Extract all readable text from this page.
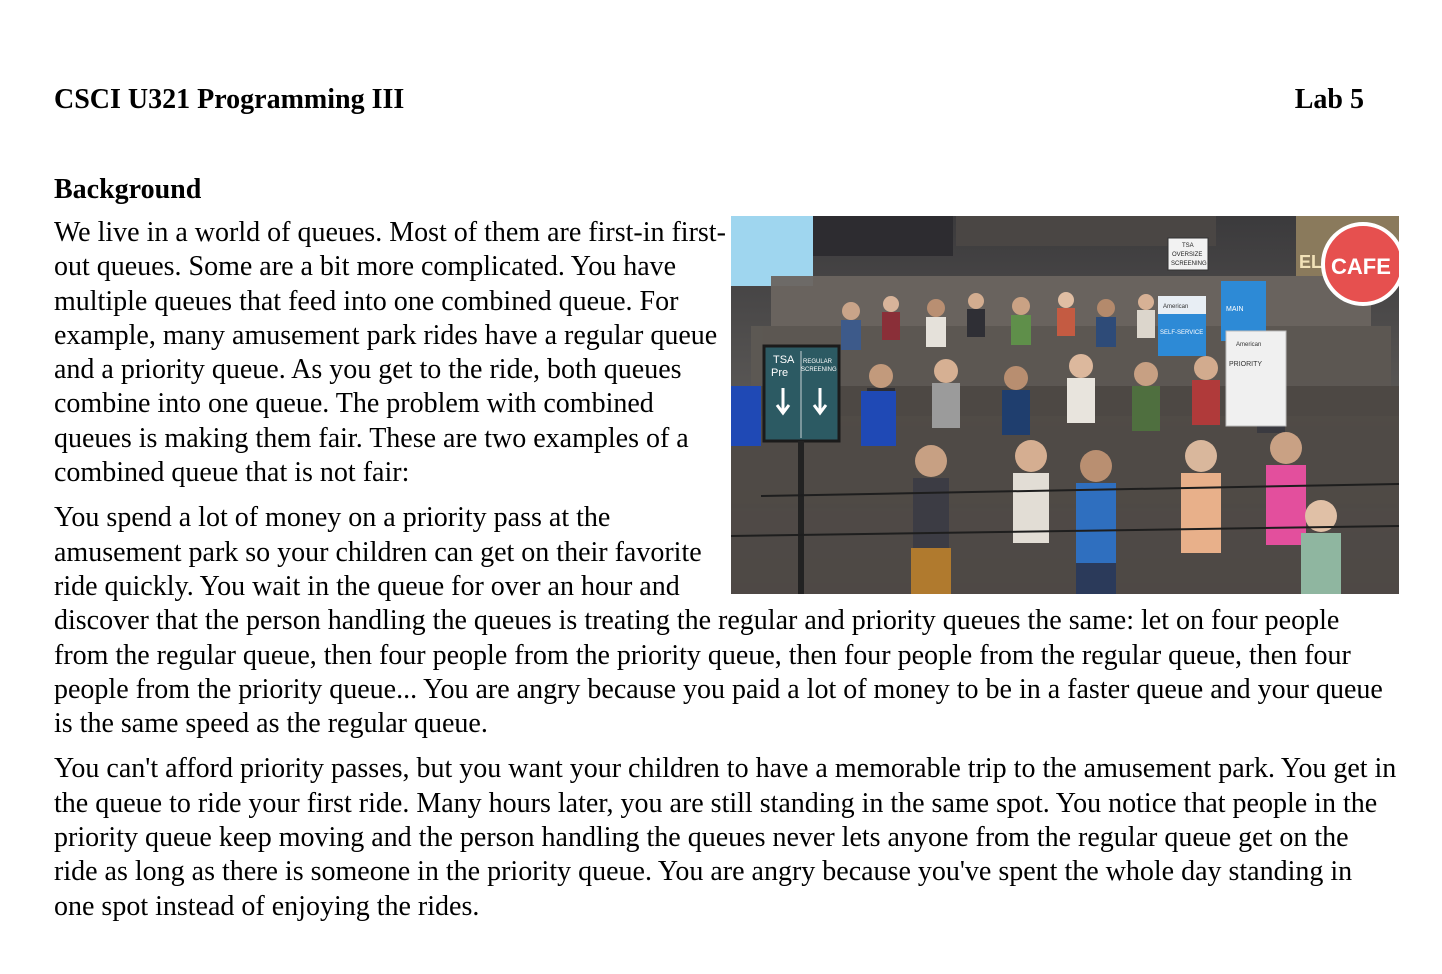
CSCI U321 Programming III	Lab 5
Background
TSA
Pre
REGULAR
SCREENING
TSA
OVERSIZE
SCREENING
American
SELF-SERVICE
MAIN
American
PRIORITY
EL CAFE

We live in a world of queues. Most of them are first-in first-out queues. Some are a bit more complicated. You have multiple queues that feed into one combined queue. For example, many amusement park rides have a regular queue and a priority queue. As you get to the ride, both queues combine into one queue. The problem with combined queues is making them fair. These are two examples of a combined queue that is not fair:

You spend a lot of money on a priority pass at the amusement park so your children can get on their favorite ride quickly. You wait in the queue for over an hour and discover that the person handling the queues is treating the regular and priority queues the same: let on four people from the regular queue, then four people from the priority queue, then four people from the regular queue, then four people from the priority queue... You are angry because you paid a lot of money to be in a faster queue and your queue is the same speed as the regular queue.

You can't afford priority passes, but you want your children to have a memorable trip to the amusement park. You get in the queue to ride your first ride. Many hours later, you are still standing in the same spot. You notice that people in the priority queue keep moving and the person handling the queues never lets anyone from the regular queue get on the ride as long as there is someone in the priority queue. You are angry because you've spent the whole day standing in one spot instead of enjoying the rides.
